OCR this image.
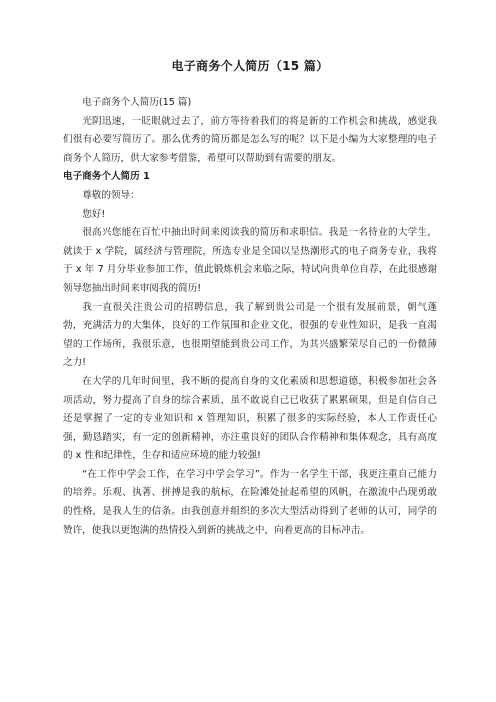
电子商务个人简历（15 篇）

电子商务个人简历(15 篇)

光阴迅速，一眨眼就过去了，前方等待着我们的将是新的工作机会和挑战，感觉我们很有必要写简历了。那么优秀的简历都是怎么写的呢？以下是小编为大家整理的电子商务个人简历，供大家参考借鉴，希望可以帮助到有需要的朋友。

电子商务个人简历 1

尊敬的领导：

您好!

很高兴您能在百忙中抽出时间来阅读我的简历和求职信。我是一名待业的大学生，就读于 x 学院，属经济与管理院，所选专业是全国以呈热潮形式的电子商务专业，我将于 x 年 7 月分毕业参加工作，值此锻炼机会来临之际，特试向贵单位自荐，在此很感谢领导您抽出时间来审阅我的简历!

我一直很关注贵公司的招聘信息，我了解到贵公司是一个很有发展前景，朝气蓬勃，充满活力的大集体，良好的工作氛围和企业文化，很强的专业性知识，是我一直渴望的工作场所，我很乐意，也很期望能到贵公司工作，为其兴盛繁荣尽自己的一份微薄之力!

在大学的几年时间里，我不断的提高自身的文化素质和思想道德，积极参加社会各项活动，努力提高了自身的综合素质，虽不敢说自己已收获了累累硕果，但是自信自己还是掌握了一定的专业知识和 x 管理知识，积累了很多的实际经验，本人工作责任心强，勤恳踏实，有一定的创新精神，亦注重良好的团队合作精神和集体观念，具有高度的 x 性和纪律性，生存和适应环境的能力较强!

“在工作中学会工作，在学习中学会学习”。作为一名学生干部，我更注重自己能力的培养。乐观、执著、拼搏是我的航标，在险滩处扯起希望的风帆，在激流中凸现勇敢的性格，是我人生的信条。由我创意并组织的多次大型活动得到了老师的认可，同学的赞许，使我以更饱满的热情投入到新的挑战之中，向着更高的目标冲击。
